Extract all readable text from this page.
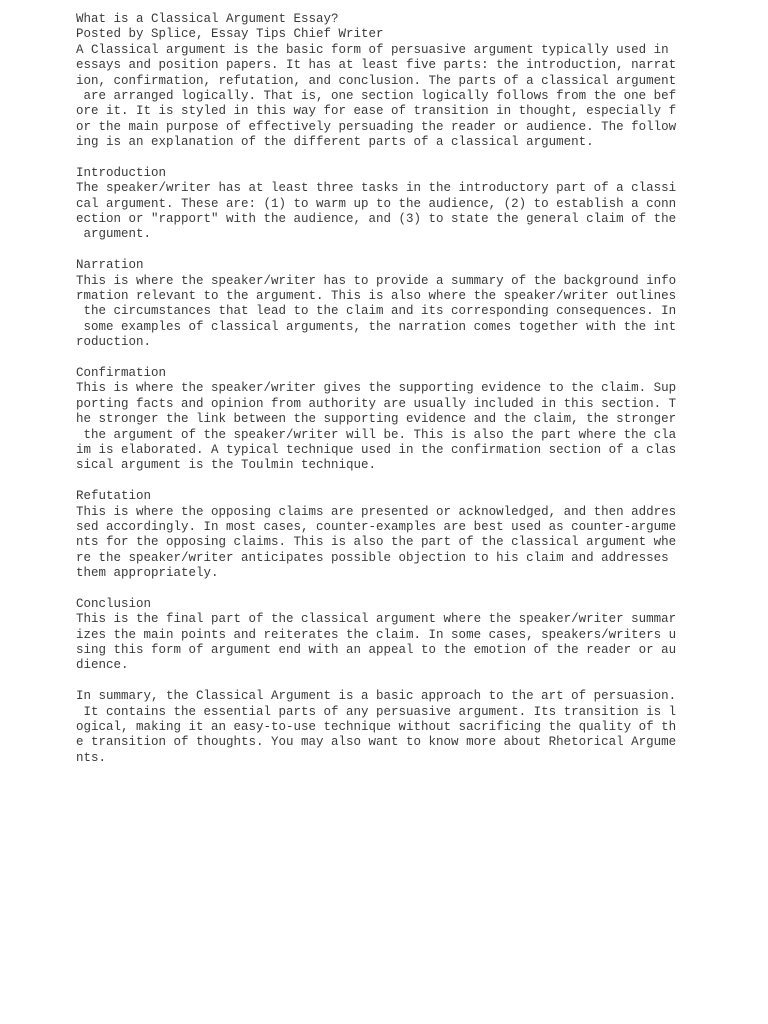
What is a Classical Argument Essay?
Posted by Splice, Essay Tips Chief Writer
A Classical argument is the basic form of persuasive argument typically used in
essays and position papers. It has at least five parts: the introduction, narrat
ion, confirmation, refutation, and conclusion. The parts of a classical argument
are arranged logically. That is, one section logically follows from the one bef
ore it. It is styled in this way for ease of transition in thought, especially f
or the main purpose of effectively persuading the reader or audience. The follow
ing is an explanation of the different parts of a classical argument.
Introduction
The speaker/writer has at least three tasks in the introductory part of a classi
cal argument. These are: (1) to warm up to the audience, (2) to establish a conn
ection or "rapport" with the audience, and (3) to state the general claim of the
argument.
Narration
This is where the speaker/writer has to provide a summary of the background info
rmation relevant to the argument. This is also where the speaker/writer outlines
the circumstances that lead to the claim and its corresponding consequences. In
some examples of classical arguments, the narration comes together with the int
roduction.
Confirmation
This is where the speaker/writer gives the supporting evidence to the claim. Sup
porting facts and opinion from authority are usually included in this section. T
he stronger the link between the supporting evidence and the claim, the stronger
the argument of the speaker/writer will be. This is also the part where the cla
im is elaborated. A typical technique used in the confirmation section of a clas
sical argument is the Toulmin technique.
Refutation
This is where the opposing claims are presented or acknowledged, and then addres
sed accordingly. In most cases, counter-examples are best used as counter-argume
nts for the opposing claims. This is also the part of the classical argument whe
re the speaker/writer anticipates possible objection to his claim and addresses
them appropriately.
Conclusion
This is the final part of the classical argument where the speaker/writer summar
izes the main points and reiterates the claim. In some cases, speakers/writers u
sing this form of argument end with an appeal to the emotion of the reader or au
dience.
In summary, the Classical Argument is a basic approach to the art of persuasion.
It contains the essential parts of any persuasive argument. Its transition is l
ogical, making it an easy-to-use technique without sacrificing the quality of th
e transition of thoughts. You may also want to know more about Rhetorical Argume
nts.
